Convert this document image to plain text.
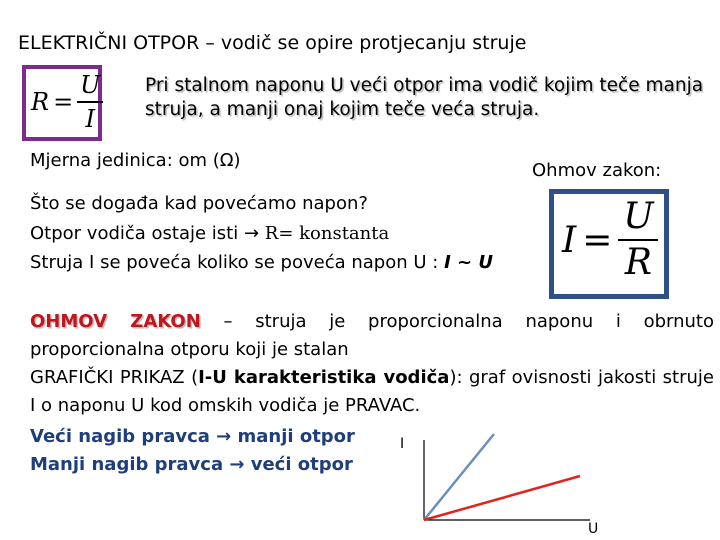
ELEKTRIČNI OTPOR – vodič se opire protjecanju struje
$R = \frac{U}{I}$ Pri stalnom naponu U veći otpor ima vodič kojim teče manja struja, a manji onaj kojim teče veća struja.
Mjerna jedinica: om (Ω)	Ohmov zakon:
$I = \frac{U}{R}$
Što se događa kad povećamo napon?
Otpor vodiča ostaje isti → R= konstanta
Struja I se poveća koliko se poveća napon U : I ~ U
OHMOV ZAKON – struja je proporcionalna naponu i obrnuto proporcionalna otporu koji je stalan
GRAFIČKI PRIKAZ (I-U karakteristika vodiča): graf ovisnosti jakosti struje I o naponu U kod omskih vodiča je PRAVAC.
Veći nagib pravca → manji otpor
Manji nagib pravca → veći otpor
I
U
